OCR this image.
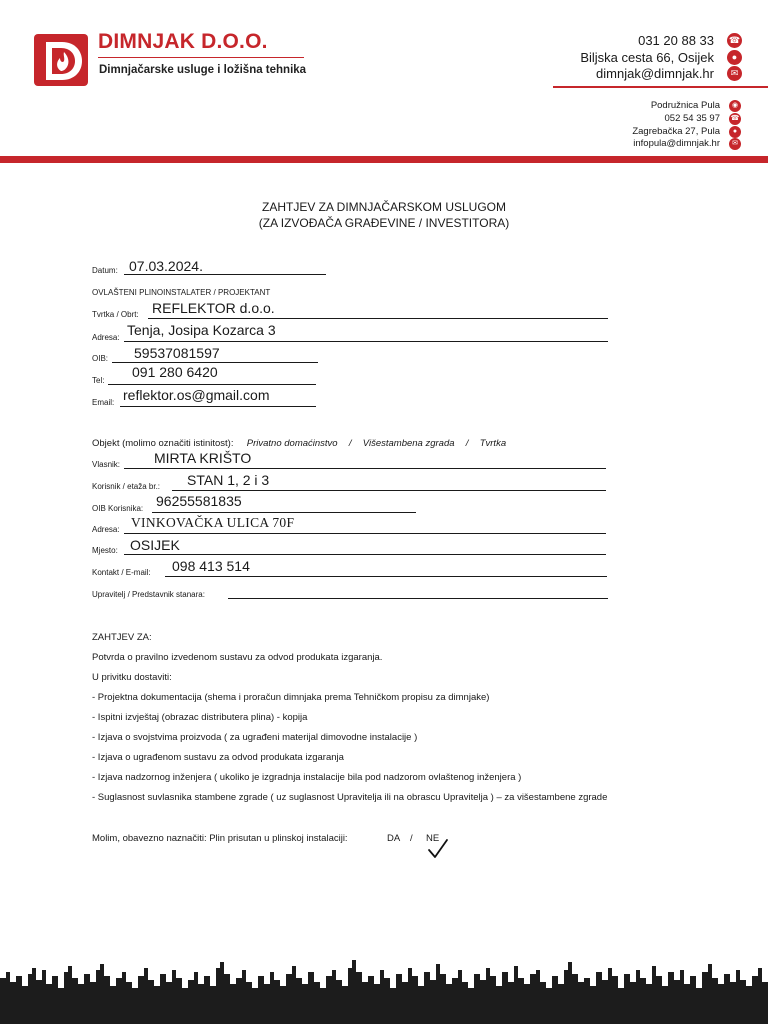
DIMNJAK D.O.O.
Dimnjačarske usluge i ložišna tehnika
031 20 88 33 ☎
Biljska cesta 66, Osijek	●
dimnjak@dimnjak.hr	✉
Podružnica Pula	◉
052 54 35 97 ☎
Zagrebačka 27, Pula	●
infopula@dimnjak.hr	✉
ZAHTJEV ZA DIMNJAČARSKOM USLUGOM
(ZA IZVOĐAČA GRAĐEVINE / INVESTITORA)
Datum: 07.03.2024.
OVLAŠTENI PLINOINSTALATER / PROJEKTANT
Tvrtka / Obrt: REFLEKTOR d.o.o.
Adresa: Tenja, Josipa Kozarca 3
OIB: 59537081597
Tel:
091 280 6420
Email: reflektor.os@gmail.com
Objekt (molimo označiti istinitost): Privatno domaćinstvo / Višestambena zgrada / Tvrtka
Vlasnik: MIRTA KRIŠTO
Korisnik / etaža br.: STAN 1, 2 i 3
OIB Korisnika: 96255581835
Adresa: VINKOVAČKA ULICA 70F
Mjesto: OSIJEK
Kontakt / E-mail: 098 413 514
Upravitelj / Predstavnik stanara:
ZAHTJEV ZA:
Potvrda o pravilno izvedenom sustavu za odvod produkata izgaranja.
U privitku dostaviti:
- Projektna dokumentacija (shema i proračun dimnjaka prema Tehničkom propisu za dimnjake)
- Ispitni izvještaj (obrazac distributera plina) - kopija
- Izjava o svojstvima proizvoda ( za ugrađeni materijal dimovodne instalacije )
- Izjava o ugrađenom sustavu za odvod produkata izgaranja
- Izjava nadzornog inženjera ( ukoliko je izgradnja instalacije bila pod nadzorom ovlaštenog inženjera )
- Suglasnost suvlasnika stambene zgrade ( uz suglasnost Upravitelja ili na obrascu Upravitelja ) – za višestambene zgrade
Molim, obavezno naznačiti: Plin prisutan u plinskoj instalaciji:	DA / NE
